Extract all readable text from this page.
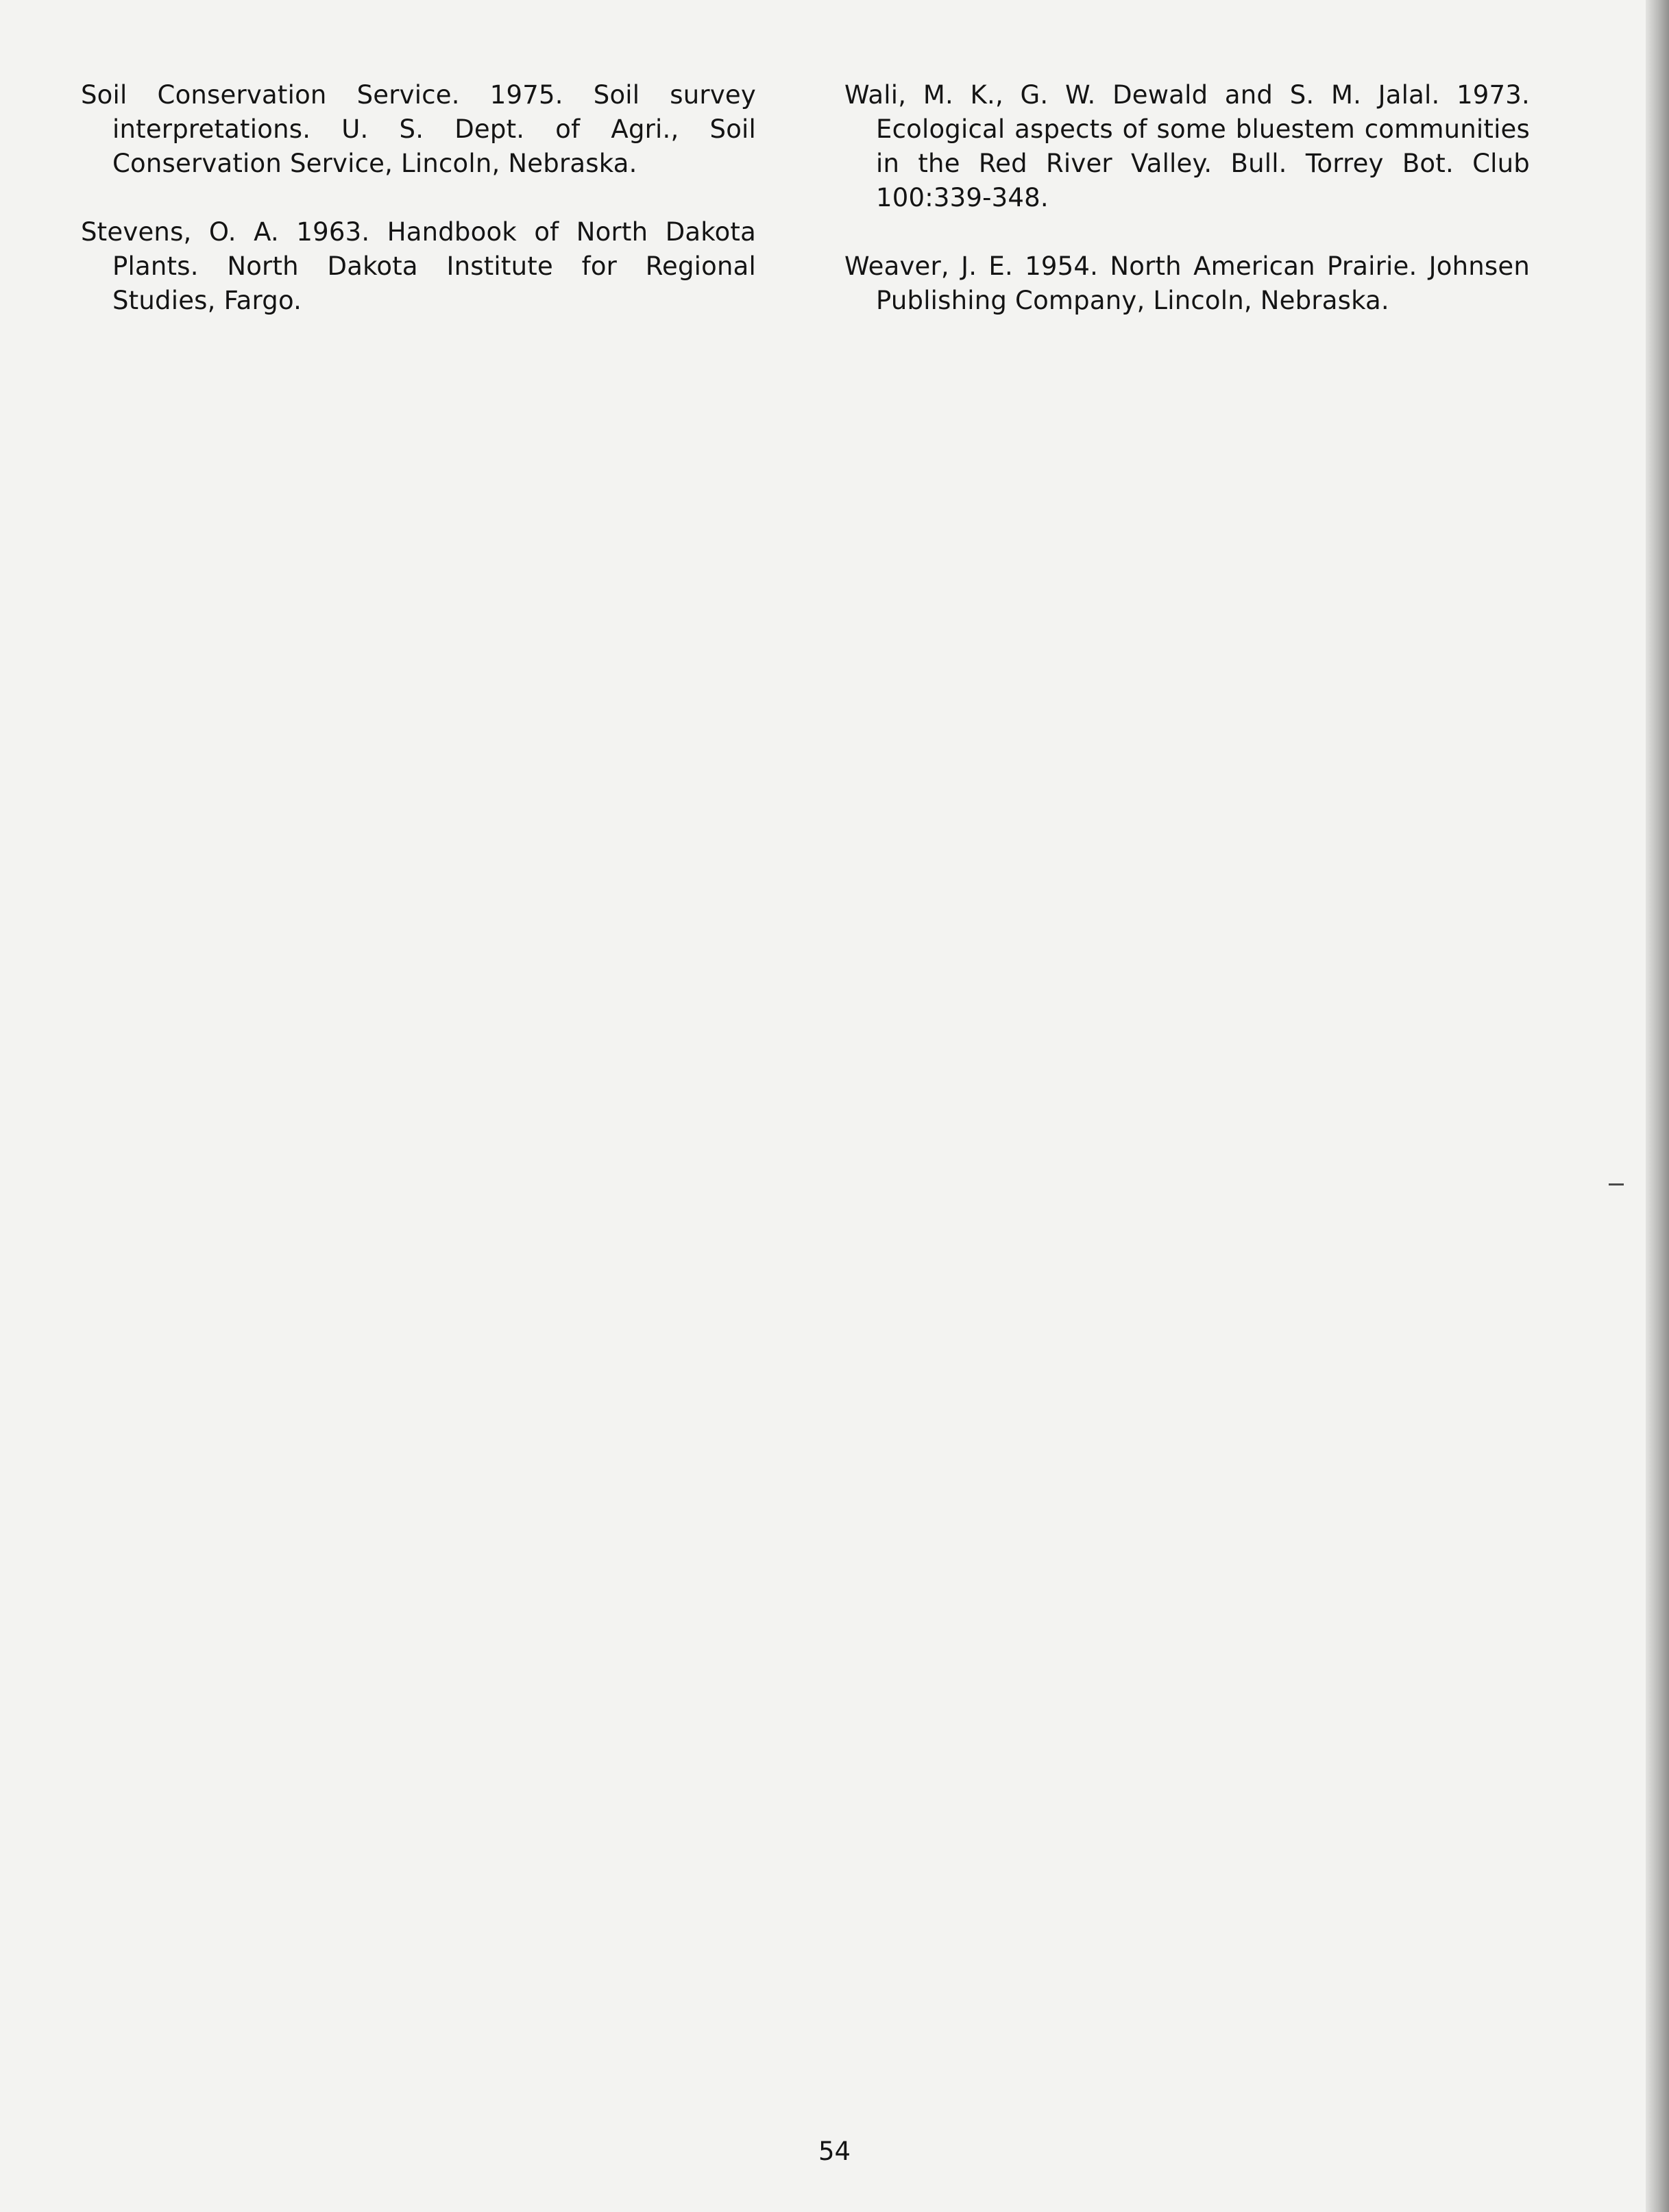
Soil Conservation Service. 1975. Soil survey interpretations. U. S. Dept. of Agri., Soil Conservation Service, Lincoln, Nebraska.

Stevens, O. A. 1963. Handbook of North Dakota Plants. North Dakota Institute for Regional Studies, Fargo.

Wali, M. K., G. W. Dewald and S. M. Jalal. 1973. Ecological aspects of some bluestem communities in the Red River Valley. Bull. Torrey Bot. Club 100:339-348.

Weaver, J. E. 1954. North American Prairie. Johnsen Publishing Company, Lincoln, Nebraska.

54
